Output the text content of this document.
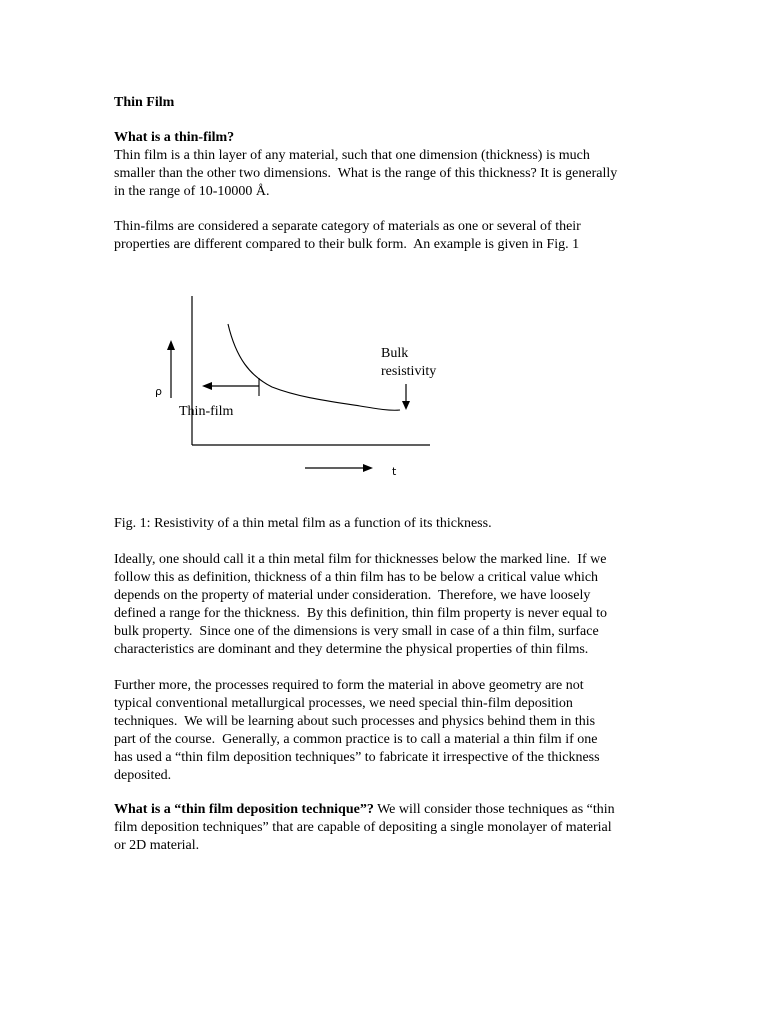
Thin Film
What is a thin-film?
Thin film is a thin layer of any material, such that one dimension (thickness) is much
smaller than the other two dimensions.  What is the range of this thickness? It is generally
in the range of 10-10000 Å.
Thin-films are considered a separate category of materials as one or several of their
properties are different compared to their bulk form.  An example is given in Fig. 1
ρ
t
Bulk
resistivity
Thin-film
Fig. 1: Resistivity of a thin metal film as a function of its thickness.
Ideally, one should call it a thin metal film for thicknesses below the marked line.  If we
follow this as definition, thickness of a thin film has to be below a critical value which
depends on the property of material under consideration.  Therefore, we have loosely
defined a range for the thickness.  By this definition, thin film property is never equal to
bulk property.  Since one of the dimensions is very small in case of a thin film, surface
characteristics are dominant and they determine the physical properties of thin films.
Further more, the processes required to form the material in above geometry are not
typical conventional metallurgical processes, we need special thin-film deposition
techniques.  We will be learning about such processes and physics behind them in this
part of the course.  Generally, a common practice is to call a material a thin film if one
has used a “thin film deposition techniques” to fabricate it irrespective of the thickness
deposited.
What is a “thin film deposition technique”? We will consider those techniques as “thin
film deposition techniques” that are capable of depositing a single monolayer of material
or 2D material.
